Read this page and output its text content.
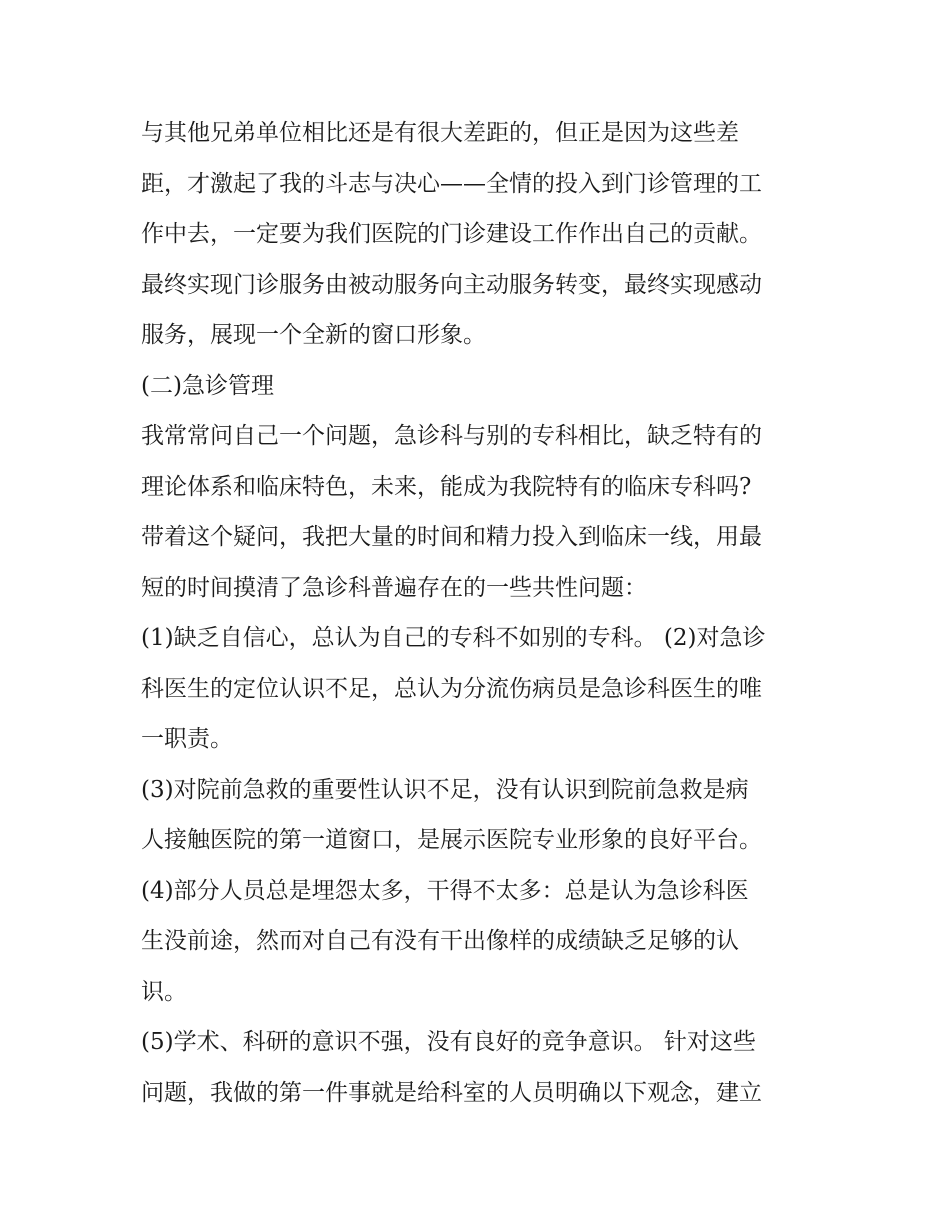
与其他兄弟单位相比还是有很大差距的，但正是因为这些差
距，才激起了我的斗志与决心——全情的投入到门诊管理的工
作中去，一定要为我们医院的门诊建设工作作出自己的贡献。
最终实现门诊服务由被动服务向主动服务转变，最终实现感动
服务，展现一个全新的窗口形象。
(二)急诊管理
我常常问自己一个问题，急诊科与别的专科相比，缺乏特有的
理论体系和临床特色，未来，能成为我院特有的临床专科吗?
带着这个疑问，我把大量的时间和精力投入到临床一线，用最
短的时间摸清了急诊科普遍存在的一些共性问题：
(1)缺乏自信心，总认为自己的专科不如别的专科。 (2)对急诊
科医生的定位认识不足，总认为分流伤病员是急诊科医生的唯
一职责。
(3)对院前急救的重要性认识不足，没有认识到院前急救是病
人接触医院的第一道窗口，是展示医院专业形象的良好平台。
(4)部分人员总是埋怨太多，干得不太多：总是认为急诊科医
生没前途，然而对自己有没有干出像样的成绩缺乏足够的认
识。
(5)学术、科研的意识不强，没有良好的竞争意识。 针对这些
问题，我做的第一件事就是给科室的人员明确以下观念，建立
